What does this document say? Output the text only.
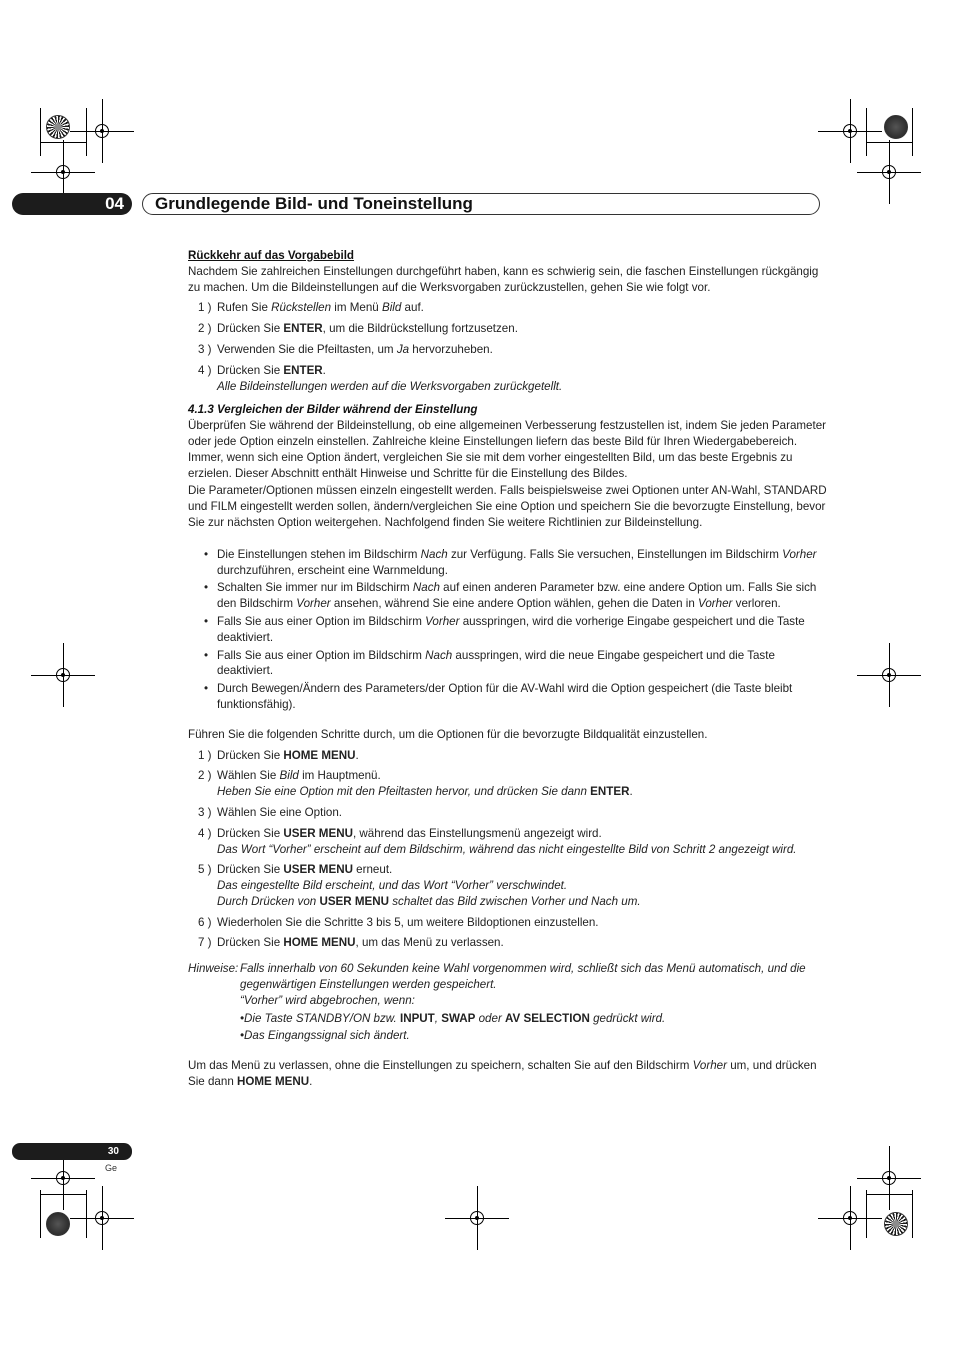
04	Grundlegende Bild- und Toneinstellung

Rückkehr auf das Vorgabebild

Nachdem Sie zahlreichen Einstellungen durchgeführt haben, kann es schwierig sein, die faschen Einstellungen rückgängig zu machen. Um die Bildeinstellungen auf die Werksvorgaben zurückzustellen, gehen Sie wie folgt vor.

1 ) Rufen Sie Rückstellen im Menü Bild auf.

2 ) Drücken Sie ENTER, um die Bildrückstellung fortzusetzen.

3 ) Verwenden Sie die Pfeiltasten, um Ja hervorzuheben.

4 ) Drücken Sie ENTER.
Alle Bildeinstellungen werden auf die Werksvorgaben zurückgetellt.

4.1.3 Vergleichen der Bilder während der Einstellung

Überprüfen Sie während der Bildeinstellung, ob eine allgemeinen Verbesserung festzustellen ist, indem Sie jeden Parameter oder jede Option einzeln einstellen. Zahlreiche kleine Einstellungen liefern das beste Bild für Ihren Wiedergabebereich. Immer, wenn sich eine Option ändert, vergleichen Sie sie mit dem vorher eingestellten Bild, um das beste Ergebnis zu erzielen. Dieser Abschnitt enthält Hinweise und Schritte für die Einstellung des Bildes.

Die Parameter/Optionen müssen einzeln eingestellt werden. Falls beispielsweise zwei Optionen unter AN-Wahl, STANDARD und FILM eingestellt werden sollen, ändern/vergleichen Sie eine Option und speichern Sie die bevorzugte Einstellung, bevor Sie zur nächsten Option weitergehen. Nachfolgend finden Sie weitere Richtlinien zur Bildeinstellung.

• Die Einstellungen stehen im Bildschirm Nach zur Verfügung. Falls Sie versuchen, Einstellungen im Bildschirm Vorher durchzuführen, erscheint eine Warnmeldung.
• Schalten Sie immer nur im Bildschirm Nach auf einen anderen Parameter bzw. eine andere Option um. Falls Sie sich den Bildschirm Vorher ansehen, während Sie eine andere Option wählen, gehen die Daten in Vorher verloren.
• Falls Sie aus einer Option im Bildschirm Vorher ausspringen, wird die vorherige Eingabe gespeichert und die Taste deaktiviert.
• Falls Sie aus einer Option im Bildschirm Nach ausspringen, wird die neue Eingabe gespeichert und die Taste deaktiviert.
• Durch Bewegen/Ändern des Parameters/der Option für die AV-Wahl wird die Option gespeichert (die Taste bleibt funktionsfähig).

Führen Sie die folgenden Schritte durch, um die Optionen für die bevorzugte Bildqualität einzustellen.

1 ) Drücken Sie HOME MENU.

2 ) Wählen Sie Bild im Hauptmenü.
Heben Sie eine Option mit den Pfeiltasten hervor, und drücken Sie dann ENTER.

3 ) Wählen Sie eine Option.

4 ) Drücken Sie USER MENU, während das Einstellungsmenü angezeigt wird.
Das Wort “Vorher” erscheint auf dem Bildschirm, während das nicht eingestellte Bild von Schritt 2 angezeigt wird.

5 ) Drücken Sie USER MENU erneut.
Das eingestellte Bild erscheint, und das Wort “Vorher” verschwindet.
Durch Drücken von USER MENU schaltet das Bild zwischen Vorher und Nach um.

6 ) Wiederholen Sie die Schritte 3 bis 5, um weitere Bildoptionen einzustellen.

7 ) Drücken Sie HOME MENU, um das Menü zu verlassen.

Hinweise: Falls innerhalb von 60 Sekunden keine Wahl vorgenommen wird, schließt sich das Menü automatisch, und die gegenwärtigen Einstellungen werden gespeichert.
“Vorher” wird abgebrochen, wenn:
•Die Taste STANDBY/ON bzw. INPUT, SWAP oder AV SELECTION gedrückt wird.
•Das Eingangssignal sich ändert.

Um das Menü zu verlassen, ohne die Einstellungen zu speichern, schalten Sie auf den Bildschirm Vorher um, und drücken Sie dann HOME MENU.

30
Ge
